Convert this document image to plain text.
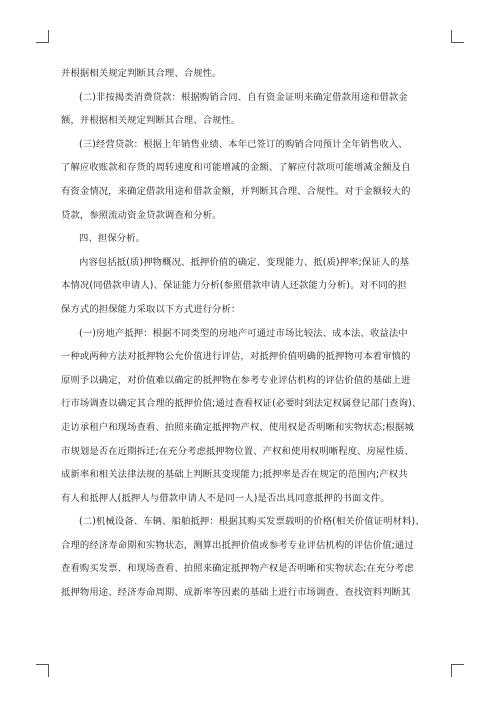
并根据相关规定判断其合理、合规性。
(二)非按揭类消费贷款：根据购销合同、自有资金证明来确定借款用途和借款金
额，并根据相关规定判断其合理、合规性。
(三)经营贷款：根据上年销售业绩、本年已签订的购销合同预计全年销售收入、
了解应收账款和存货的周转速度和可能增减的金额、了解应付款项可能增减金额及自
有资金情况，来确定借款用途和借款金额，并判断其合理、合规性。对于金额较大的
贷款，参照流动资金贷款调查和分析。
四、担保分析。
内容包括抵(质)押物概况、抵押价值的确定、变现能力、抵(质)押率;保证人的基
本情况(同借款申请人)、保证能力分析(参照借款申请人还款能力分析)。对不同的担
保方式的担保能力采取以下方式进行分析：
(一)房地产抵押：根据不同类型的房地产可通过市场比较法、成本法、收益法中
一种或两种方法对抵押物公允价值进行评估，对抵押价值明确的抵押物可本着审慎的
原则予以确定，对价值难以确定的抵押物在参考专业评估机构的评估价值的基础上进
行市场调查以确定其合理的抵押价值;通过查看权证(必要时到法定权属登记部门查询)、
走访承租户和现场查看、拍照来确定抵押物产权、使用权是否明晰和实物状态;根据城
市规划是否在近期拆迁;在充分考虑抵押物位置、产权和使用权明晰程度、房屋性质、
成新率和相关法律法规的基础上判断其变现能力;抵押率是否在规定的范围内;产权共
有人和抵押人(抵押人与借款申请人不是同一人)是否出具同意抵押的书面文件。
(二)机械设备、车辆、船舶抵押：根据其购买发票载明的价格(相关价值证明材料)、
合理的经济寿命期和实物状态，测算出抵押价值或参考专业评估机构的评估价值;通过
查看购买发票、和现场查看、拍照来确定抵押物产权是否明晰和实物状态;在充分考虑
抵押物用途、经济寿命周期、成新率等因素的基础上进行市场调查、查找资料判断其
